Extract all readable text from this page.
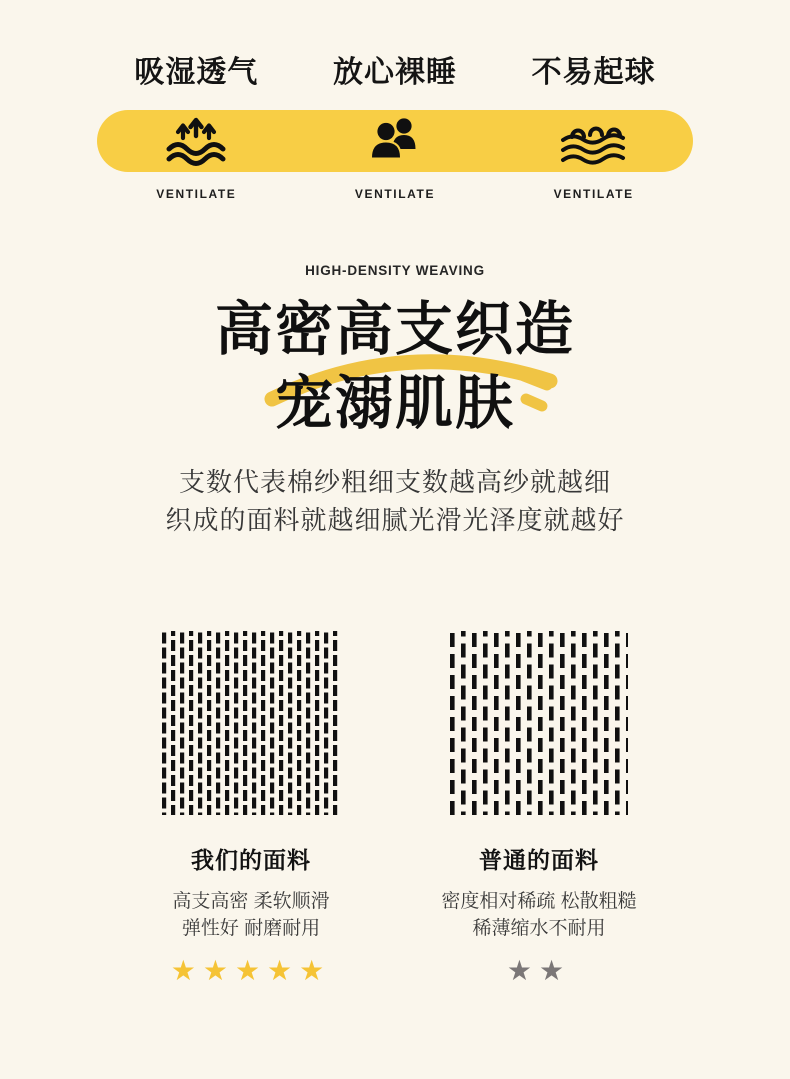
吸湿透气 放心裸睡 不易起球
VENTILATE	VENTILATE	VENTILATE
HIGH-DENSITY WEAVING
高密高支织造
宠溺肌肤
支数代表棉纱粗细支数越高纱就越细
织成的面料就越细腻光滑光泽度就越好
我们的面料
高支高密 柔软顺滑
弹性好 耐磨耐用
★★★★★
普通的面料
密度相对稀疏 松散粗糙
稀薄缩水不耐用
★★
